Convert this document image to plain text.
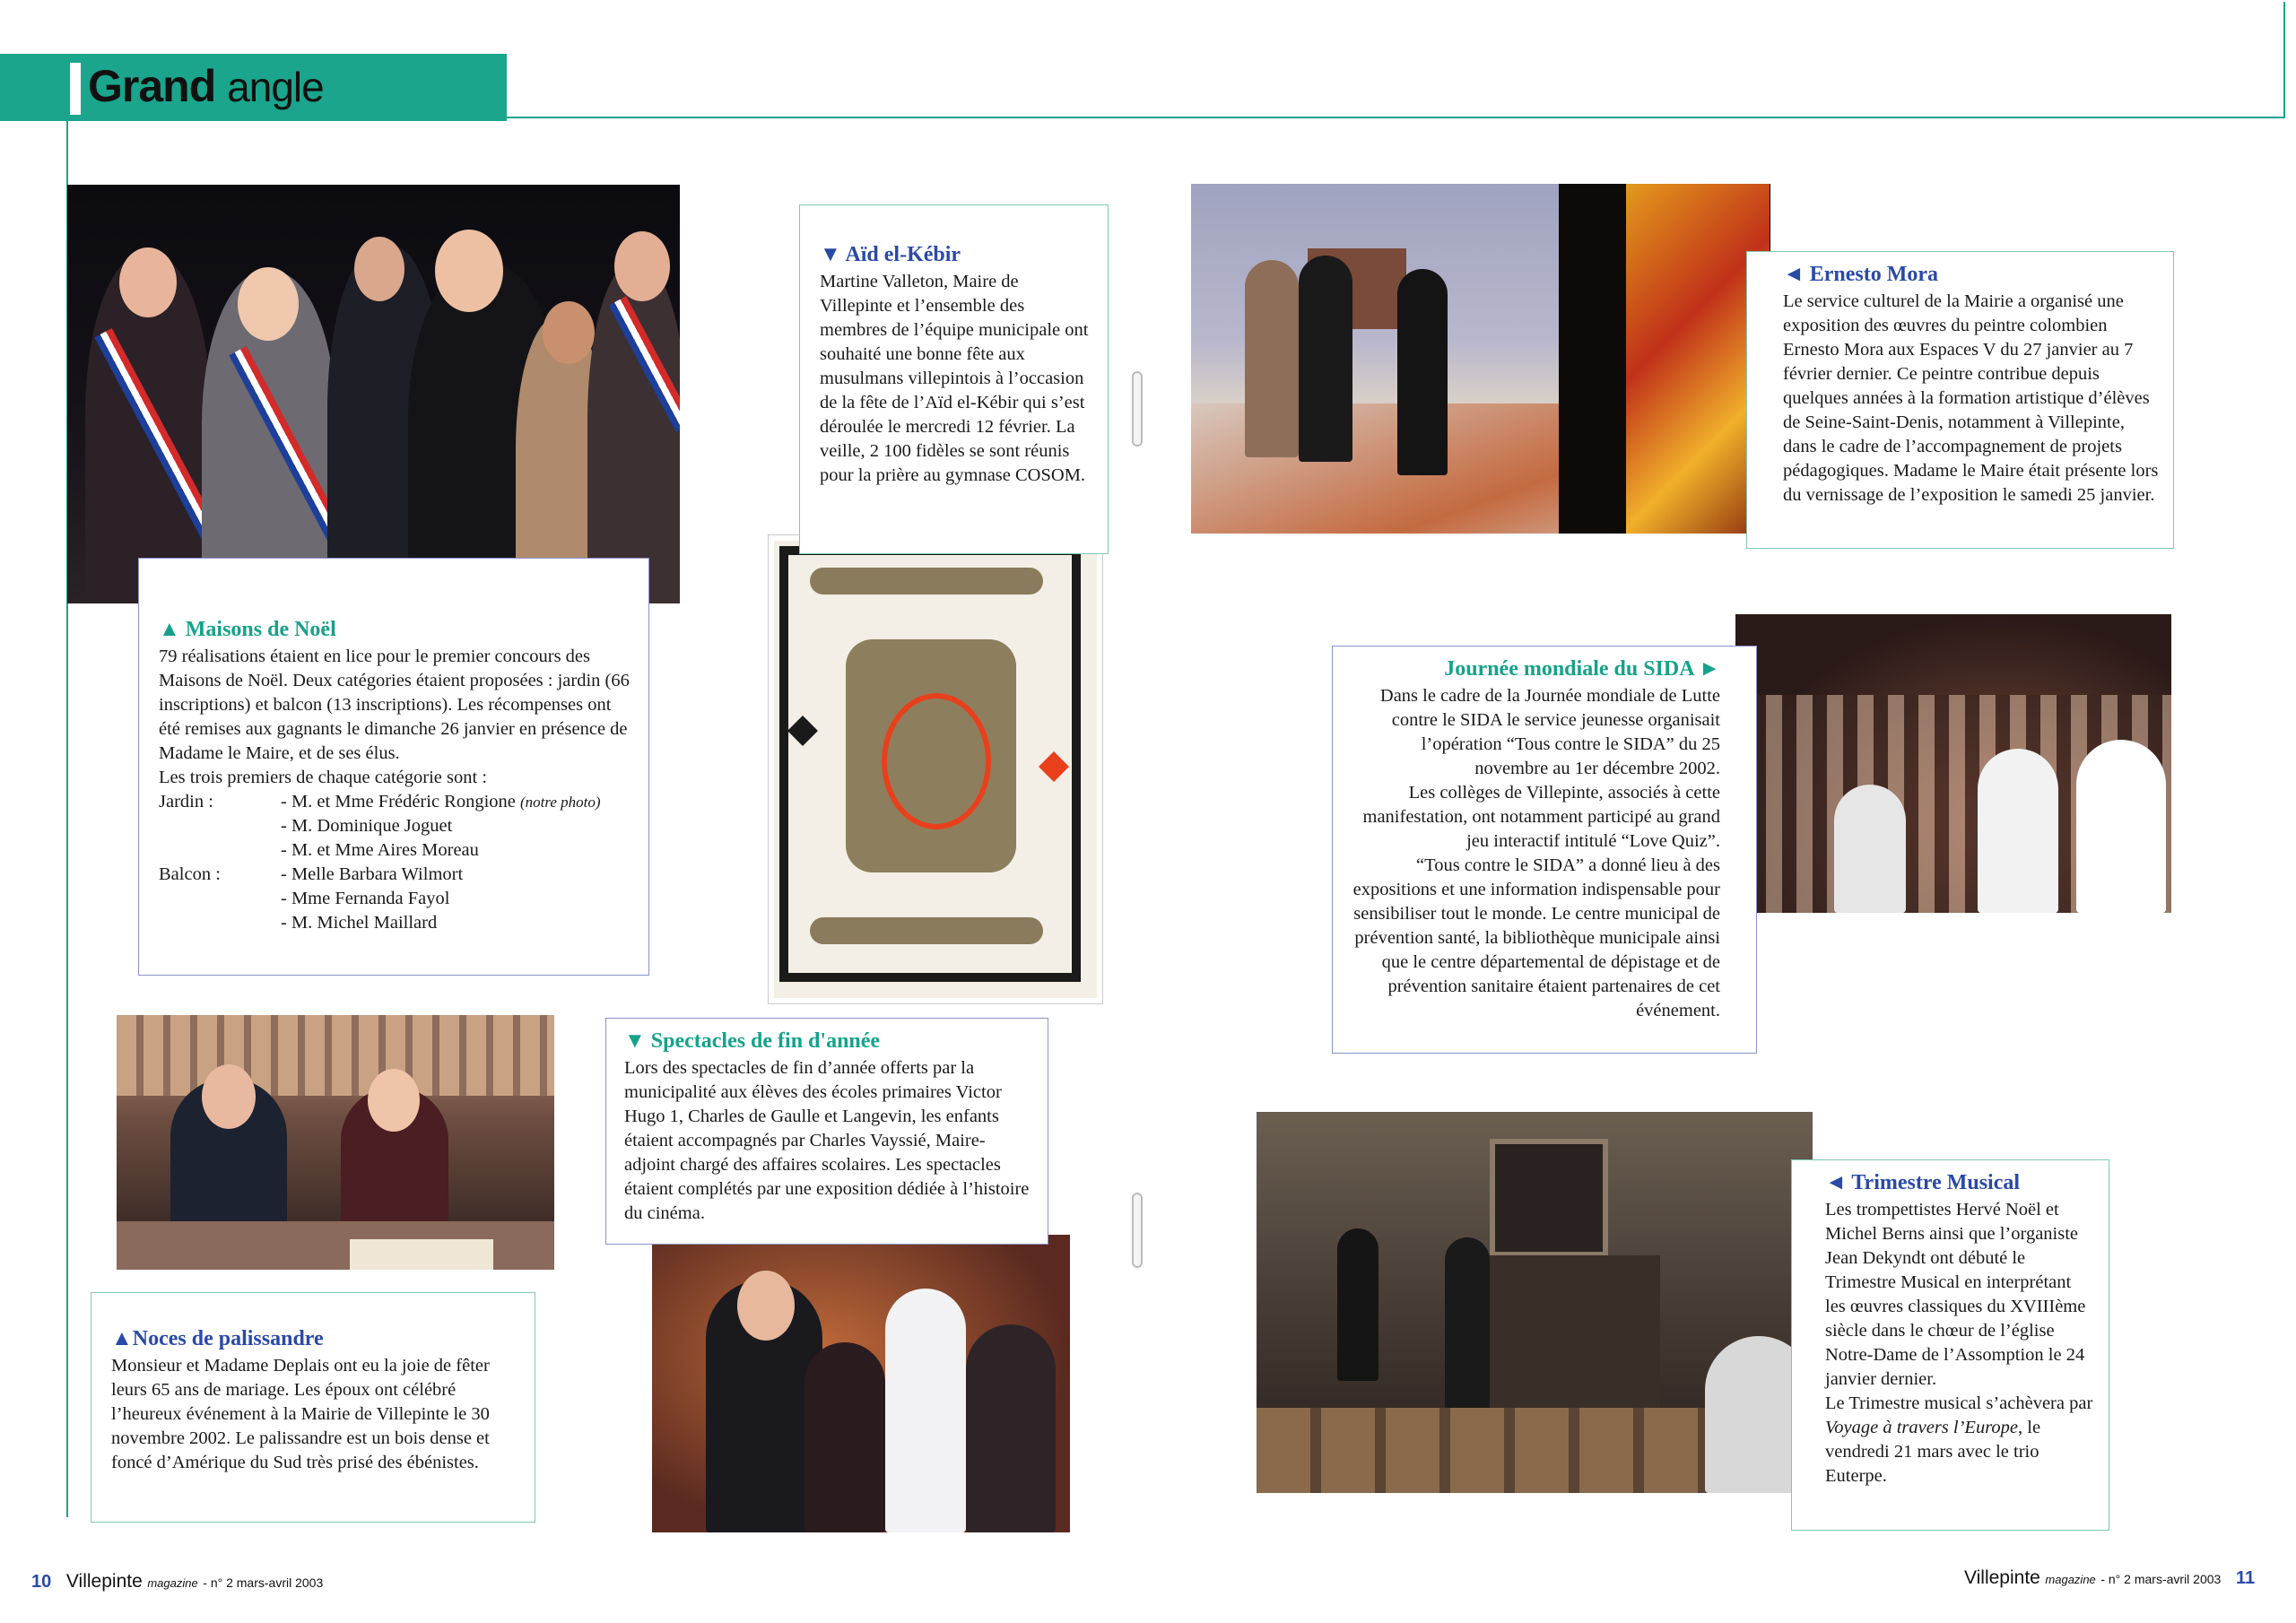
Grand angle
▼ Aïd el-Kébir

Martine Valleton, Maire de Villepinte et l’ensemble des membres de l’équipe municipale ont souhaité une bonne fête aux musulmans villepintois à l’occasion de la fête de l’Aïd el-Kébir qui s’est déroulée le mercredi 12 février. La veille, 2 100 fidèles se sont réunis pour la prière au gymnase COSOM.

◄ Ernesto Mora

Le service culturel de la Mairie a organisé une exposition des œuvres du peintre colombien Ernesto Mora aux Espaces V du 27 janvier au 7 février dernier. Ce peintre contribue depuis quelques années à la formation artistique d’élèves de Seine-Saint-Denis, notamment à Villepinte, dans le cadre de l’accompagnement de projets pédagogiques. Madame le Maire était présente lors du vernissage de l’exposition le samedi 25 janvier.

▲ Maisons de Noël

79 réalisations étaient en lice pour le premier concours des Maisons de Noël. Deux catégories étaient proposées : jardin (66 inscriptions) et balcon (13 inscriptions). Les récompenses ont été remises aux gagnants le dimanche 26 janvier en présence de Madame le Maire, et de ses élus.

Les trois premiers de chaque catégorie sont :

Jardin :	- M. et Mme Frédéric Rongione (notre photo)
- M. Dominique Joguet
- M. et Mme Aires Moreau
Balcon :	- Melle Barbara Wilmort
- Mme Fernanda Fayol
- M. Michel Maillard
Journée mondiale du SIDA ►

Dans le cadre de la Journée mondiale de Lutte contre le SIDA le service jeunesse organisait l’opération “Tous contre le SIDA” du 25 novembre au 1er décembre 2002.

Les collèges de Villepinte, associés à cette manifestation, ont notamment participé au grand jeu interactif intitulé “Love Quiz”.

“Tous contre le SIDA” a donné lieu à des expositions et une information indispensable pour sensibiliser tout le monde. Le centre municipal de prévention santé, la bibliothèque municipale ainsi que le centre départemental de dépistage et de prévention sanitaire étaient partenaires de cet événement.

▲Noces de palissandre

Monsieur et Madame Deplais ont eu la joie de fêter leurs 65 ans de mariage. Les époux ont célébré l’heureux événement à la Mairie de Villepinte le 30 novembre 2002. Le palissandre est un bois dense et foncé d’Amérique du Sud très prisé des ébénistes.

▼ Spectacles de fin d'année

Lors des spectacles de fin d’année offerts par la municipalité aux élèves des écoles primaires Victor Hugo 1, Charles de Gaulle et Langevin, les enfants étaient accompagnés par Charles Vayssié, Maire-adjoint chargé des affaires scolaires. Les spectacles étaient complétés par une exposition dédiée à l’histoire du cinéma.

◄ Trimestre Musical

Les trompettistes Hervé Noël et Michel Berns ainsi que l’organiste Jean Dekyndt ont débuté le Trimestre Musical en interprétant les œuvres classiques du XVIIIème siècle dans le chœur de l’église Notre-Dame de l’Assomption le 24 janvier dernier.

Le Trimestre musical s’achèvera par Voyage à travers l’Europe, le vendredi 21 mars avec le trio Euterpe.

10 Villepinte magazine - n° 2 mars-avril 2003	Villepinte magazine - n° 2 mars-avril 2003 11
